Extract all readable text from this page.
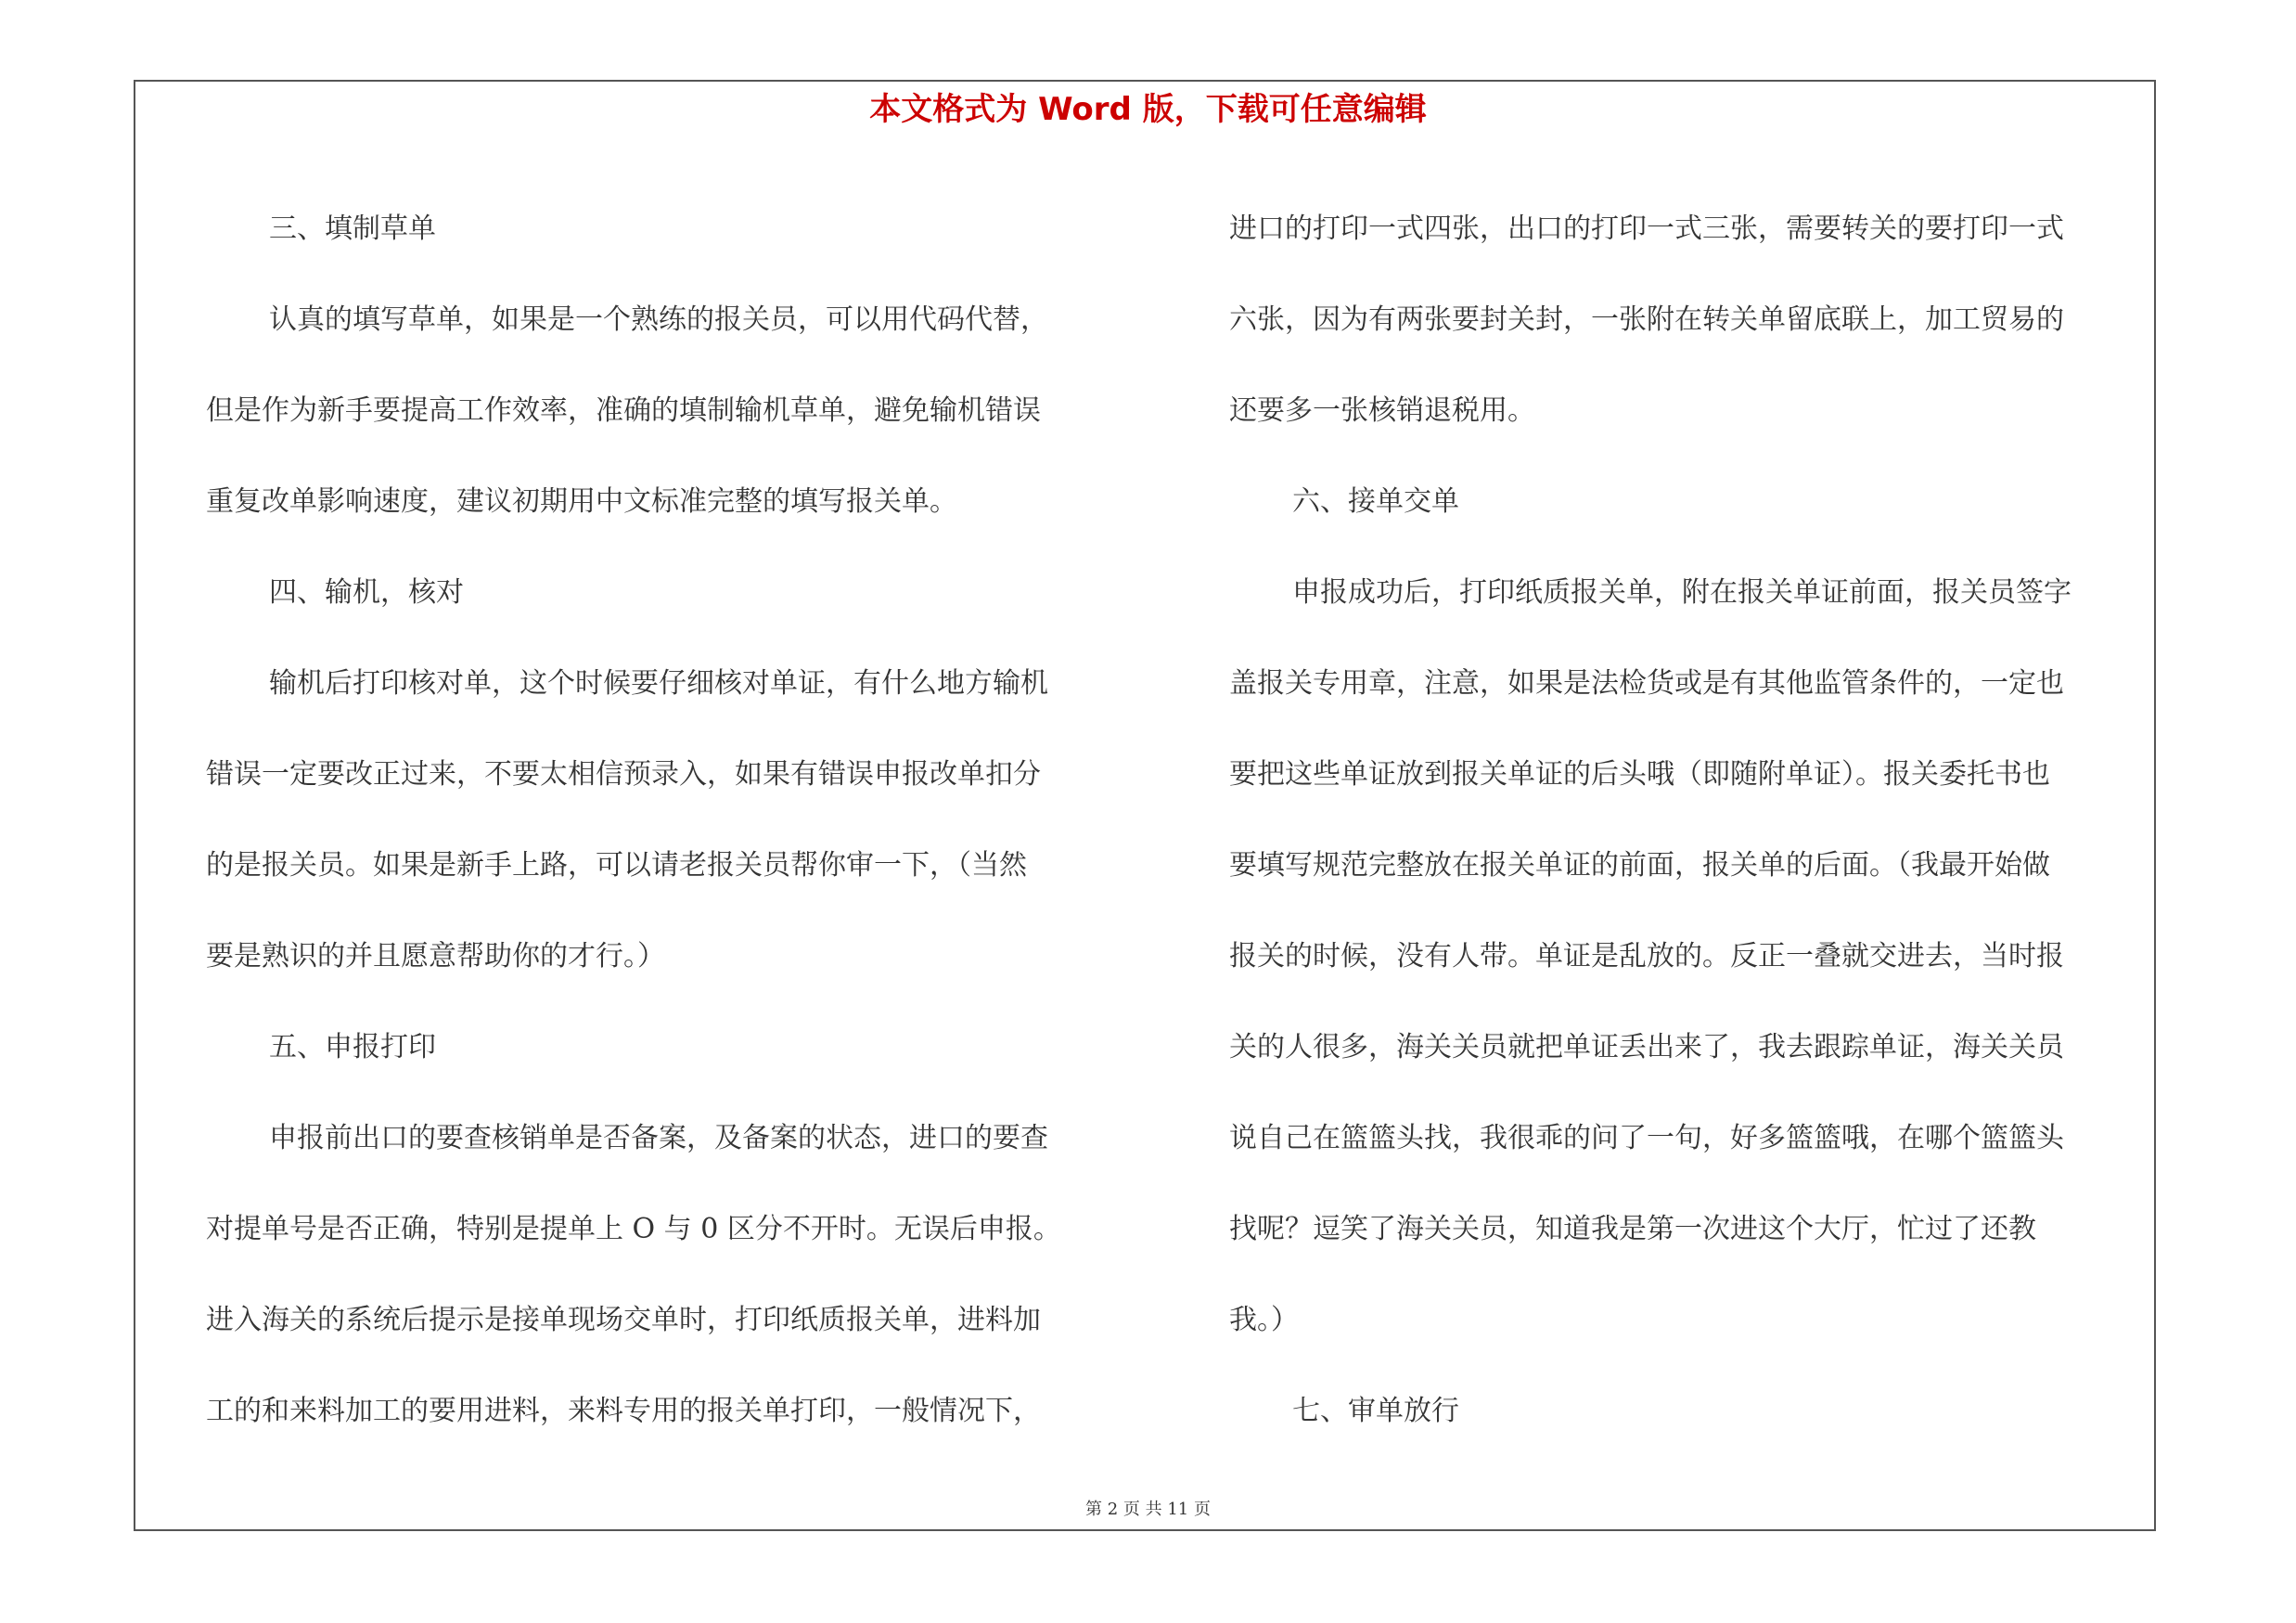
本文格式为 Word 版，下载可任意编辑
三、填制草单
认真的填写草单，如果是一个熟练的报关员，可以用代码代替，
但是作为新手要提高工作效率，准确的填制输机草单，避免输机错误
重复改单影响速度，建议初期用中文标准完整的填写报关单。
四、输机，核对
输机后打印核对单，这个时候要仔细核对单证，有什么地方输机
错误一定要改正过来，不要太相信预录入，如果有错误申报改单扣分
的是报关员。如果是新手上路，可以请老报关员帮你审一下，（当然
要是熟识的并且愿意帮助你的才行。）
五、申报打印
申报前出口的要查核销单是否备案，及备案的状态，进口的要查
对提单号是否正确，特别是提单上 O 与 0 区分不开时。无误后申报。
进入海关的系统后提示是接单现场交单时，打印纸质报关单，进料加
工的和来料加工的要用进料，来料专用的报关单打印，一般情况下，
进口的打印一式四张，出口的打印一式三张，需要转关的要打印一式
六张，因为有两张要封关封，一张附在转关单留底联上，加工贸易的
还要多一张核销退税用。
六、接单交单
申报成功后，打印纸质报关单，附在报关单证前面，报关员签字
盖报关专用章，注意，如果是法检货或是有其他监管条件的，一定也
要把这些单证放到报关单证的后头哦（即随附单证）。报关委托书也
要填写规范完整放在报关单证的前面，报关单的后面。（我最开始做
报关的时候，没有人带。单证是乱放的。反正一叠就交进去，当时报
关的人很多，海关关员就把单证丢出来了，我去跟踪单证，海关关员
说自己在篮篮头找，我很乖的问了一句，好多篮篮哦，在哪个篮篮头
找呢？逗笑了海关关员，知道我是第一次进这个大厅，忙过了还教
我。）
七、审单放行
第 2 页 共 11 页
